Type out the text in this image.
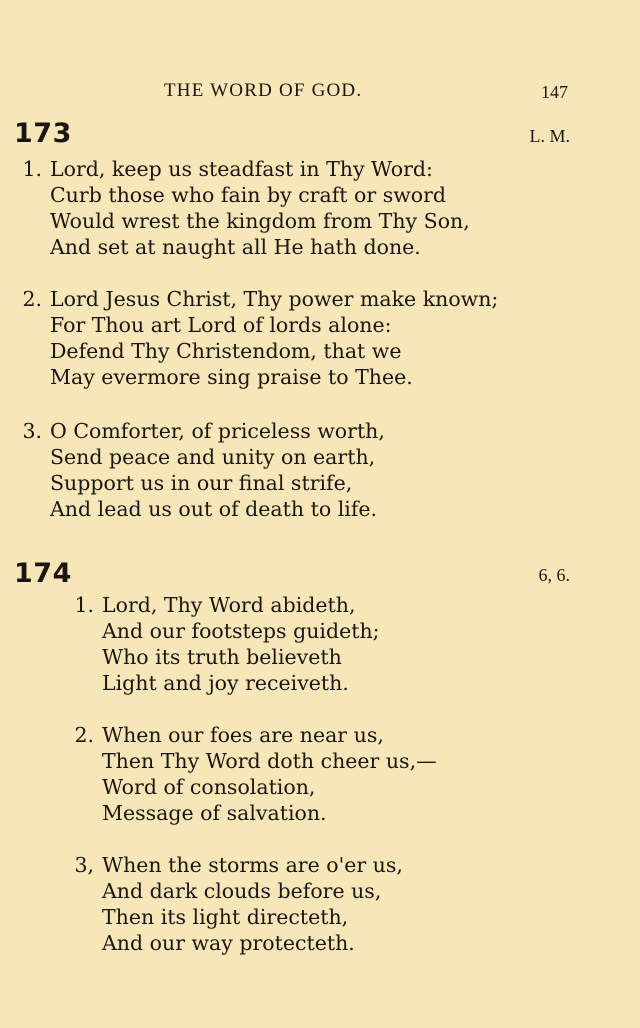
THE WORD OF GOD.	147
173	L. M.
1. Lord, keep us steadfast in Thy Word:
Curb those who fain by craft or sword
Would wrest the kingdom from Thy Son,
And set at naught all He hath done.
2. Lord Jesus Christ, Thy power make known;
For Thou art Lord of lords alone:
Defend Thy Christendom, that we
May evermore sing praise to Thee.
3. O Comforter, of priceless worth,
Send peace and unity on earth,
Support us in our final strife,
And lead us out of death to life.
174	6, 6.
1. Lord, Thy Word abideth,
And our footsteps guideth;
Who its truth believeth
Light and joy receiveth.
2. When our foes are near us,
Then Thy Word doth cheer us,—
Word of consolation,
Message of salvation.
3, When the storms are o'er us,
And dark clouds before us,
Then its light directeth,
And our way protecteth.
